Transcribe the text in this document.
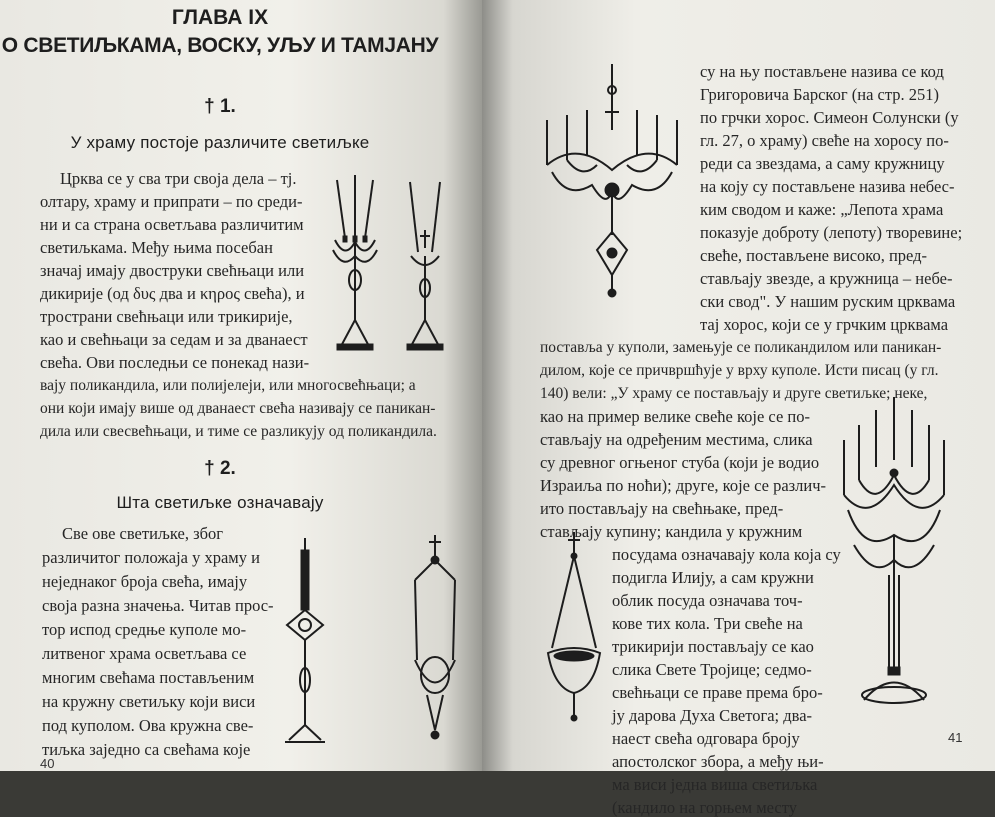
ГЛАВА IX
О СВЕТИЉКАМА, ВОСКУ, УЉУ И ТАМЈАНУ
† 1.
У храму постоје различите светиљке
Црква се у сва три своја дела – тј.
олтару, храму и припрати – по среди-
ни и са страна осветљава различитим
светиљкама. Међу њима посебан
значај имају двоструки свећњаци или
дикирије (од δυς два и κηρος свећа), и
тространи свећњаци или трикирије,
као и свећњаци за седам и за дванаест
свећа. Ови последњи се понекад нази-
вају поликандила, или полијелеји, или многосвећњаци; а
они који имају више од дванаест свећа називају се паникан-
дила или свесвећњаци, и тиме се разликују од поликандила.
† 2.
Шта светиљке означавају
Све ове светиљке, због
различитог положаја у храму и
неједнаког броја свећа, имају
своја разна значења. Читав прос-
тор испод средње куполе мо-
литвеног храма осветљава се
многим свећама постављеним
на кружну светиљку који виси
под куполом. Ова кружна све-
тиљка заједно са свећама које
40
су на њу постављене назива се код
Григоровича Барског (на стр. 251)
по грчки хорос. Симеон Солунски (у
гл. 27, о храму) свеће на хоросу по-
реди са звездама, а саму кружницу
на коју су постављене назива небес-
ким сводом и каже: „Лепота храма
показује доброту (лепоту) творевине;
свеће, постављене високо, пред-
стављају звезде, а кружница – небе-
ски свод". У нашим руским црквама
тај хорос, који се у грчким црквама
поставља у куполи, замењује се поликандилом или паникан-
дилом, које се причвршћује у врху куполе. Исти писац (у гл.
140) вели: „У храму се постављају и друге светиљке; неке,
као на пример велике свеће које се по-
стављају на одређеним местима, слика
су древног огњеног стуба (који је водио
Израиља по ноћи); друге, које се различ-
ито постављају на свећњаке, пред-
стављају купину; кандила у кружним
посудама означавају кола која су
подигла Илију, а сам кружни
облик посуда означава точ-
кове тих кола. Три свеће на
трикирији постављају се као
слика Свете Тројице; седмо-
свећњаци се праве према бро-
ју дарова Духа Светога; два-
наест свећа одговара броју
апостолског збора, а међу њи-
ма виси једна виша светиљка
(кандило на горњем месту
41
